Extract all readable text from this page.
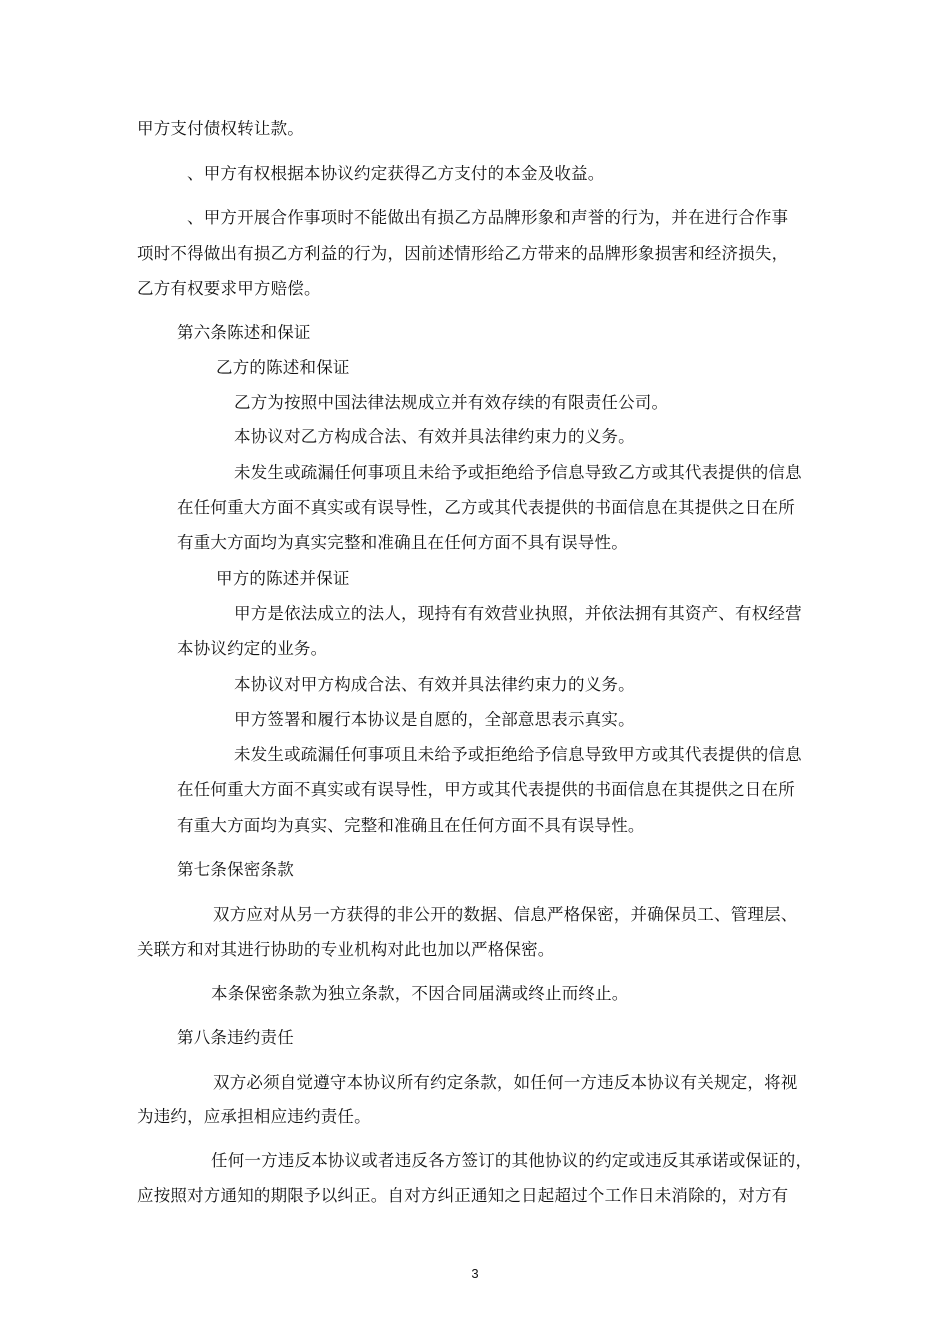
甲方支付债权转让款。
、甲方有权根据本协议约定获得乙方支付的本金及收益。
、甲方开展合作事项时不能做出有损乙方品牌形象和声誉的行为，并在进行合作事
项时不得做出有损乙方利益的行为，因前述情形给乙方带来的品牌形象损害和经济损失，
乙方有权要求甲方赔偿。
第六条陈述和保证
乙方的陈述和保证
乙方为按照中国法律法规成立并有效存续的有限责任公司。
本协议对乙方构成合法、有效并具法律约束力的义务。
未发生或疏漏任何事项且未给予或拒绝给予信息导致乙方或其代表提供的信息
在任何重大方面不真实或有误导性，乙方或其代表提供的书面信息在其提供之日在所
有重大方面均为真实完整和准确且在任何方面不具有误导性。
甲方的陈述并保证
甲方是依法成立的法人，现持有有效营业执照，并依法拥有其资产、有权经营
本协议约定的业务。
本协议对甲方构成合法、有效并具法律约束力的义务。
甲方签署和履行本协议是自愿的，全部意思表示真实。
未发生或疏漏任何事项且未给予或拒绝给予信息导致甲方或其代表提供的信息
在任何重大方面不真实或有误导性，甲方或其代表提供的书面信息在其提供之日在所
有重大方面均为真实、完整和准确且在任何方面不具有误导性。
第七条保密条款
双方应对从另一方获得的非公开的数据、信息严格保密，并确保员工、管理层、
关联方和对其进行协助的专业机构对此也加以严格保密。
本条保密条款为独立条款，不因合同届满或终止而终止。
第八条违约责任
双方必须自觉遵守本协议所有约定条款，如任何一方违反本协议有关规定，将视
为违约，应承担相应违约责任。
任何一方违反本协议或者违反各方签订的其他协议的约定或违反其承诺或保证的，
应按照对方通知的期限予以纠正。自对方纠正通知之日起超过个工作日未消除的，对方有
3
